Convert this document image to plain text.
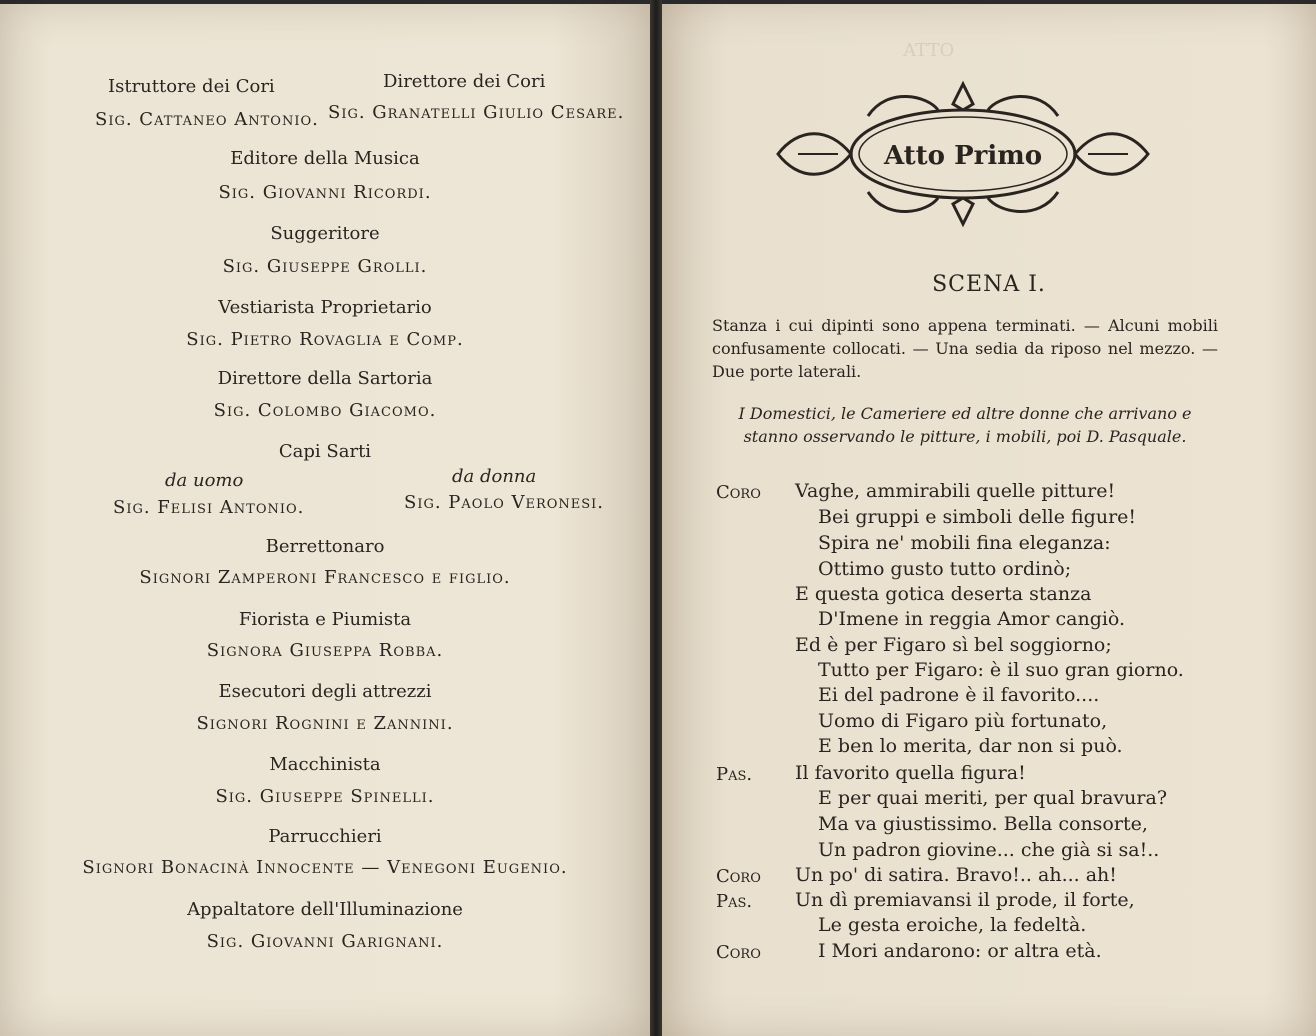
Istruttore dei Cori
Sig. Cattaneo Antonio.
Direttore dei Cori
Sig. Granatelli Giulio Cesare.
Editore della Musica
Sig. Giovanni Ricordi.
Suggeritore
Sig. Giuseppe Grolli.
Vestiarista Proprietario
Sig. Pietro Rovaglia e Comp.
Direttore della Sartoria
Sig. Colombo Giacomo.
Capi Sarti
da uomo
Sig. Felisi Antonio.
da donna
Sig. Paolo Veronesi.
Berrettonaro
Signori Zamperoni Francesco e figlio.
Fiorista e Piumista
Signora Giuseppa Robba.
Esecutori degli attrezzi
Signori Rognini e Zannini.
Macchinista
Sig. Giuseppe Spinelli.
Parrucchieri
Signori Bonacinà Innocente — Venegoni Eugenio.
Appaltatore dell'Illuminazione
Sig. Giovanni Garignani.
Atto Primo
SCENA I.
Stanza i cui dipinti sono appena terminati. — Alcuni mobili confusamente collocati. — Una sedia da riposo nel mezzo. — Due porte laterali.
I Domestici, le Cameriere ed altre donne che arrivano e stanno osservando le pitture, i mobili, poi D. Pasquale.
Vaghe, ammirabili quelle pitture!
Coro
Bei gruppi e simboli delle figure!
Spira ne' mobili fina eleganza:
Ottimo gusto tutto ordinò;
E questa gotica deserta stanza
D'Imene in reggia Amor cangiò.
Ed è per Figaro sì bel soggiorno;
Tutto per Figaro: è il suo gran giorno.
Ei del padrone è il favorito....
Uomo di Figaro più fortunato,
E ben lo merita, dar non si può.
Il favorito quella figura!
Pas.
E per quai meriti, per qual bravura?
Ma va giustissimo. Bella consorte,
Un padron giovine... che già si sa!..
Un po' di satira. Bravo!.. ah... ah!
Coro
Un dì premiavansi il prode, il forte,
Pas.
Le gesta eroiche, la fedeltà.
I Mori andarono: or altra età.
Coro
